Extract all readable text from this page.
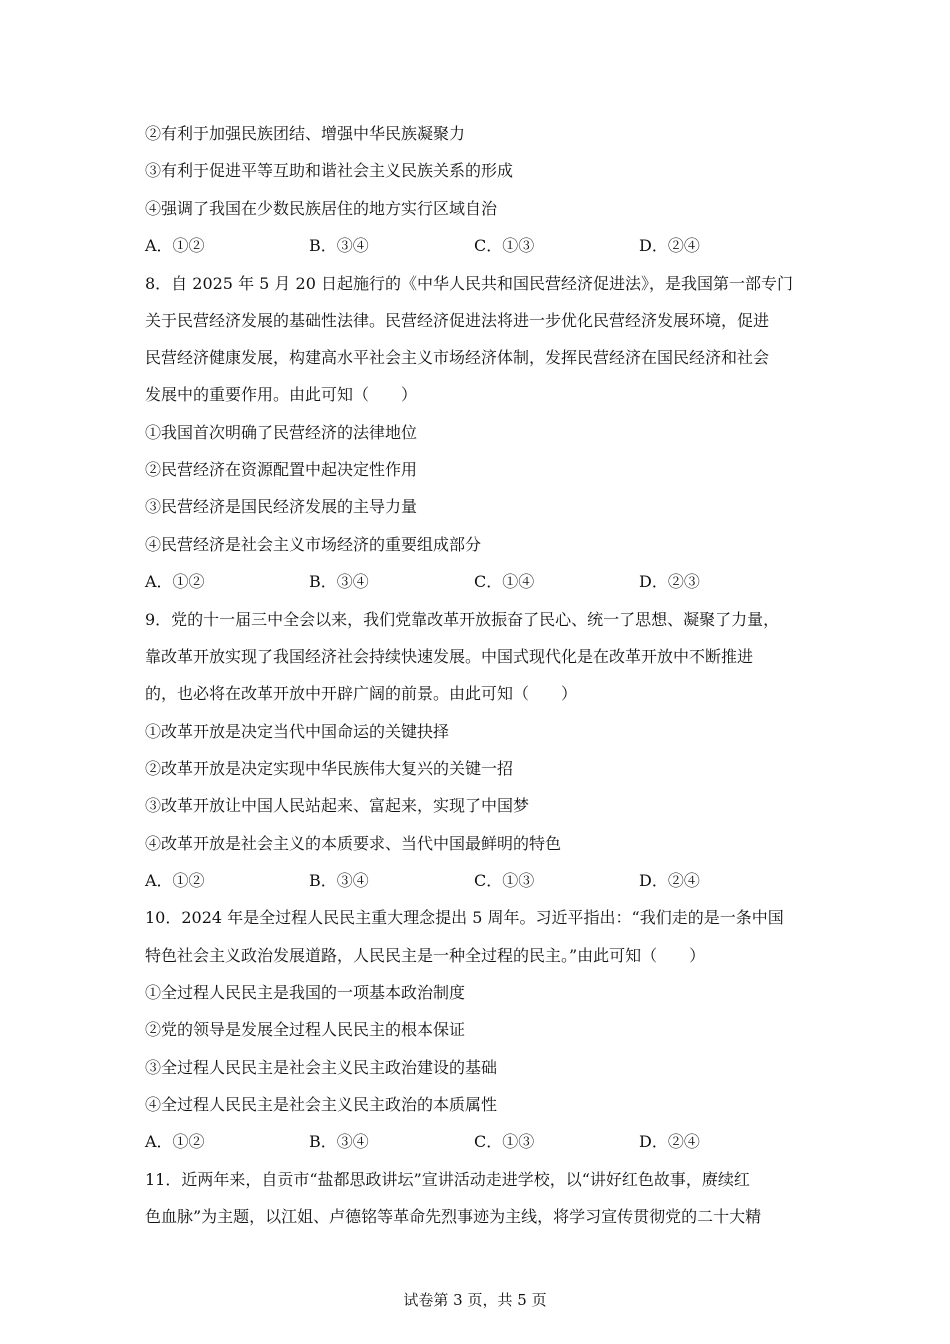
②有利于加强民族团结、增强中华民族凝聚力
③有利于促进平等互助和谐社会主义民族关系的形成
④强调了我国在少数民族居住的地方实行区域自治
A．①②	B．③④	C．①③	D．②④
8．自 2025 年 5 月 20 日起施行的《中华人民共和国民营经济促进法》，是我国第一部专门
关于民营经济发展的基础性法律。民营经济促进法将进一步优化民营经济发展环境，促进
民营经济健康发展，构建高水平社会主义市场经济体制，发挥民营经济在国民经济和社会
发展中的重要作用。由此可知（　　）
①我国首次明确了民营经济的法律地位
②民营经济在资源配置中起决定性作用
③民营经济是国民经济发展的主导力量
④民营经济是社会主义市场经济的重要组成部分
A．①②	B．③④	C．①④	D．②③
9．党的十一届三中全会以来，我们党靠改革开放振奋了民心、统一了思想、凝聚了力量，
靠改革开放实现了我国经济社会持续快速发展。中国式现代化是在改革开放中不断推进
的，也必将在改革开放中开辟广阔的前景。由此可知（　　）
①改革开放是决定当代中国命运的关键抉择
②改革开放是决定实现中华民族伟大复兴的关键一招
③改革开放让中国人民站起来、富起来，实现了中国梦
④改革开放是社会主义的本质要求、当代中国最鲜明的特色
A．①②	B．③④	C．①③	D．②④
10．2024 年是全过程人民民主重大理念提出 5 周年。习近平指出：“我们走的是一条中国
特色社会主义政治发展道路，人民民主是一种全过程的民主。”由此可知（　　）
①全过程人民民主是我国的一项基本政治制度
②党的领导是发展全过程人民民主的根本保证
③全过程人民民主是社会主义民主政治建设的基础
④全过程人民民主是社会主义民主政治的本质属性
A．①②	B．③④	C．①③	D．②④
11．近两年来，自贡市“盐都思政讲坛”宣讲活动走进学校，以“讲好红色故事，赓续红
色血脉”为主题，以江姐、卢德铭等革命先烈事迹为主线，将学习宣传贯彻党的二十大精
试卷第 3 页，共 5 页
